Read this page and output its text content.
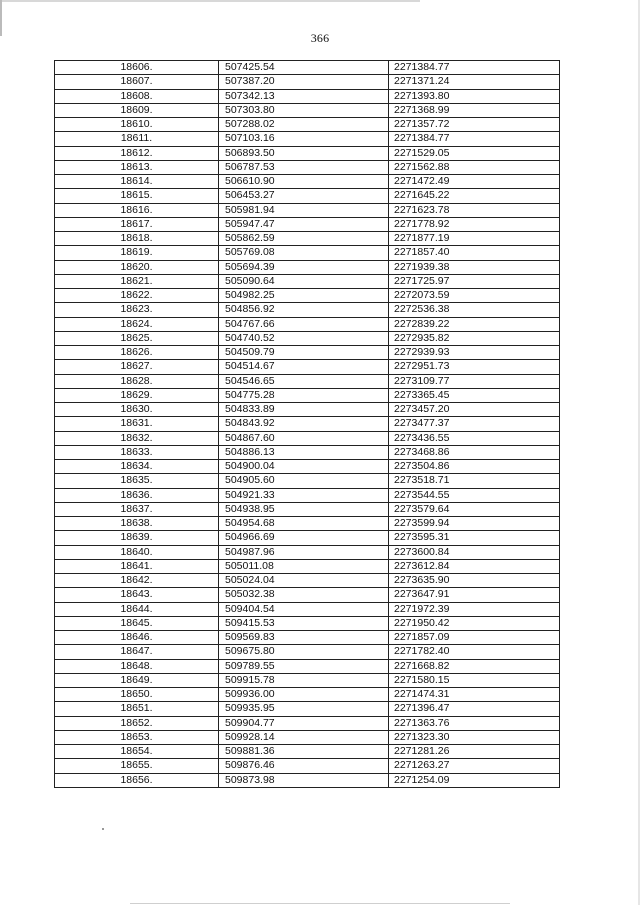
366
18606.	507425.54	2271384.77
18607.	507387.20	2271371.24
18608.	507342.13	2271393.80
18609.	507303.80	2271368.99
18610.	507288.02	2271357.72
18611.	507103.16	2271384.77
18612.	506893.50	2271529.05
18613.	506787.53	2271562.88
18614.	506610.90	2271472.49
18615.	506453.27	2271645.22
18616.	505981.94	2271623.78
18617.	505947.47	2271778.92
18618.	505862.59	2271877.19
18619.	505769.08	2271857.40
18620.	505694.39	2271939.38
18621.	505090.64	2271725.97
18622.	504982.25	2272073.59
18623.	504856.92	2272536.38
18624.	504767.66	2272839.22
18625.	504740.52	2272935.82
18626.	504509.79	2272939.93
18627.	504514.67	2272951.73
18628.	504546.65	2273109.77
18629.	504775.28	2273365.45
18630.	504833.89	2273457.20
18631.	504843.92	2273477.37
18632.	504867.60	2273436.55
18633.	504886.13	2273468.86
18634.	504900.04	2273504.86
18635.	504905.60	2273518.71
18636.	504921.33	2273544.55
18637.	504938.95	2273579.64
18638.	504954.68	2273599.94
18639.	504966.69	2273595.31
18640.	504987.96	2273600.84
18641.	505011.08	2273612.84
18642.	505024.04	2273635.90
18643.	505032.38	2273647.91
18644.	509404.54	2271972.39
18645.	509415.53	2271950.42
18646.	509569.83	2271857.09
18647.	509675.80	2271782.40
18648.	509789.55	2271668.82
18649.	509915.78	2271580.15
18650.	509936.00	2271474.31
18651.	509935.95	2271396.47
18652.	509904.77	2271363.76
18653.	509928.14	2271323.30
18654.	509881.36	2271281.26
18655.	509876.46	2271263.27
18656.	509873.98	2271254.09
